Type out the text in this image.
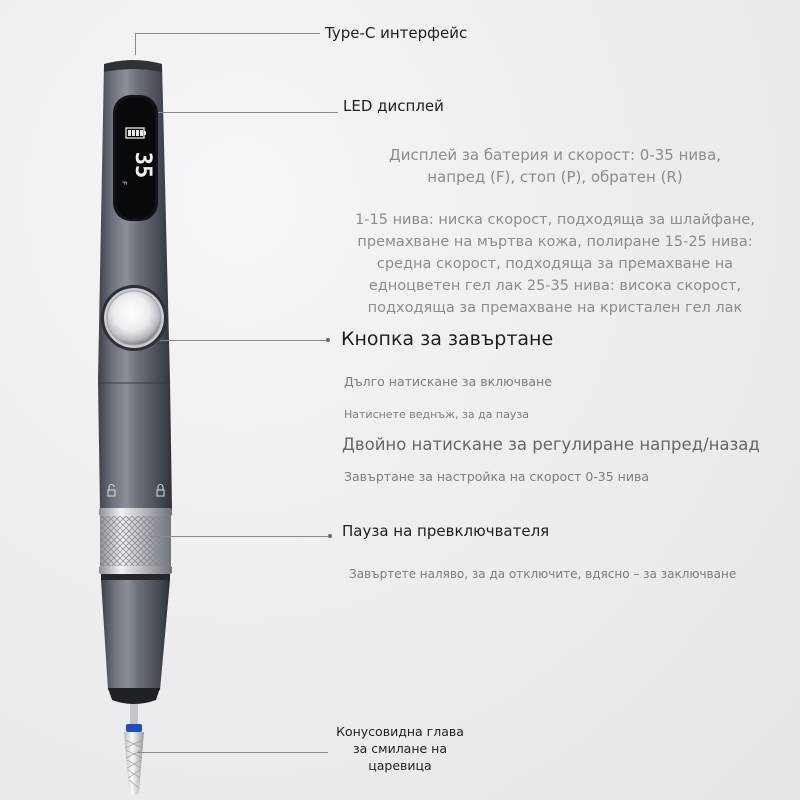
35
F
Type-C интерфейс
LED дисплей
Дисплей за батерия и скорост: 0-35 нива,
напред (F), стоп (P), обратен (R)
1-15 нива: ниска скорост, подходяща за шлайфане,
премахване на мъртва кожа, полиране 15-25 нива:
средна скорост, подходяща за премахване на
едноцветен гел лак 25-35 нива: висока скорост,
подходяща за премахване на кристален гел лак
Кнопка за завъртане
Дълго натискане за включване
Натиснете веднъж, за да пауза
Двойно натискане за регулиране напред/назад
Завъртане за настройка на скорост 0-35 нива
Пауза на превключвателя
Завъртете наляво, за да отключите, вдясно – за заключване
Конусовидна глава
за смилане на
царевица
